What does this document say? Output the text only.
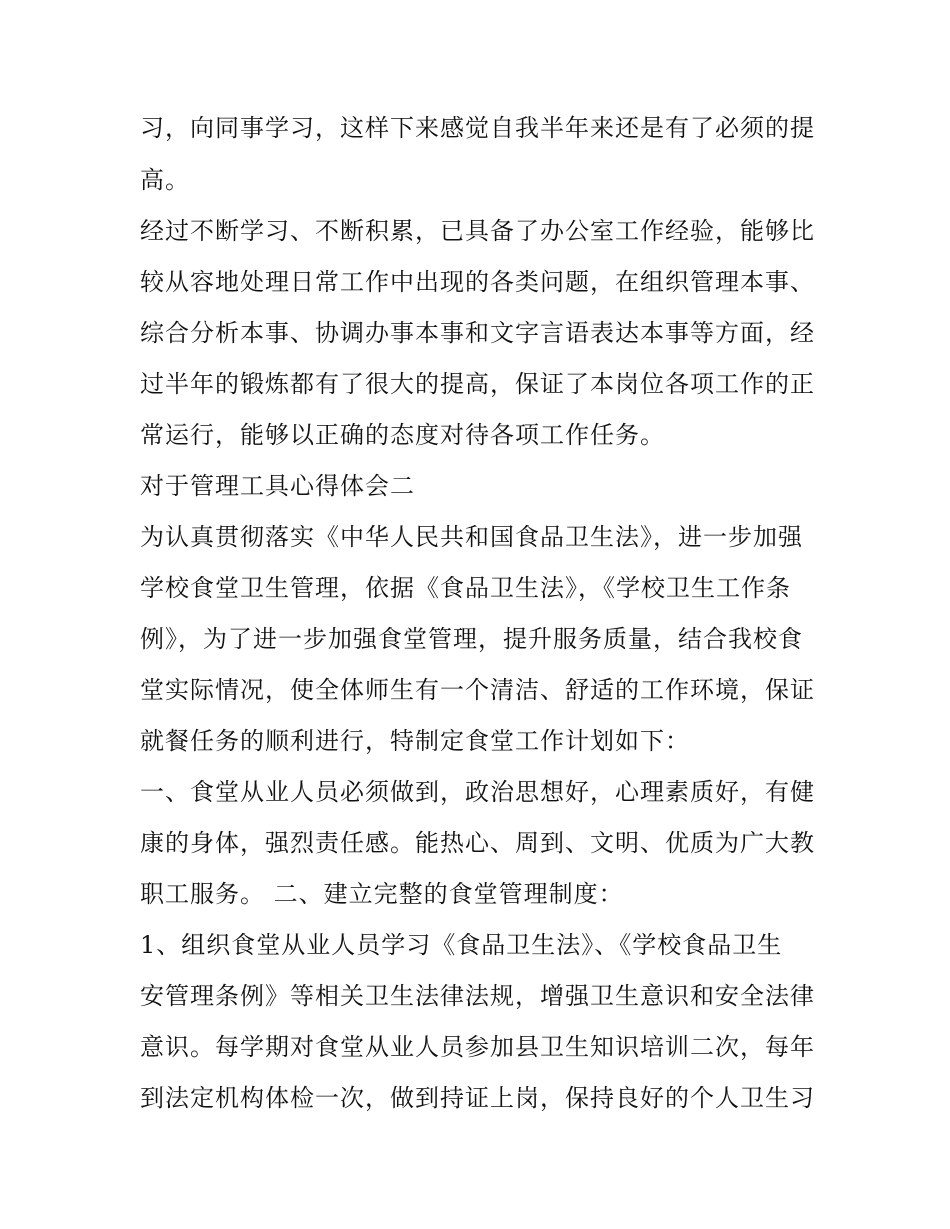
习，向同事学习，这样下来感觉自我半年来还是有了必须的提
高。
经过不断学习、不断积累，已具备了办公室工作经验，能够比
较从容地处理日常工作中出现的各类问题，在组织管理本事、
综合分析本事、协调办事本事和文字言语表达本事等方面，经
过半年的锻炼都有了很大的提高，保证了本岗位各项工作的正
常运行，能够以正确的态度对待各项工作任务。
对于管理工具心得体会二
为认真贯彻落实《中华人民共和国食品卫生法》，进一步加强
学校食堂卫生管理，依据《食品卫生法》，《学校卫生工作条
例》，为了进一步加强食堂管理，提升服务质量，结合我校食
堂实际情况，使全体师生有一个清洁、舒适的工作环境，保证
就餐任务的顺利进行，特制定食堂工作计划如下：
一、食堂从业人员必须做到，政治思想好，心理素质好，有健
康的身体，强烈责任感。能热心、周到、文明、优质为广大教
职工服务。 二、建立完整的食堂管理制度：
1、组织食堂从业人员学习《食品卫生法》、《学校食品卫生
安管理条例》等相关卫生法律法规，增强卫生意识和安全法律
意识。每学期对食堂从业人员参加县卫生知识培训二次，每年
到法定机构体检一次，做到持证上岗，保持良好的个人卫生习
